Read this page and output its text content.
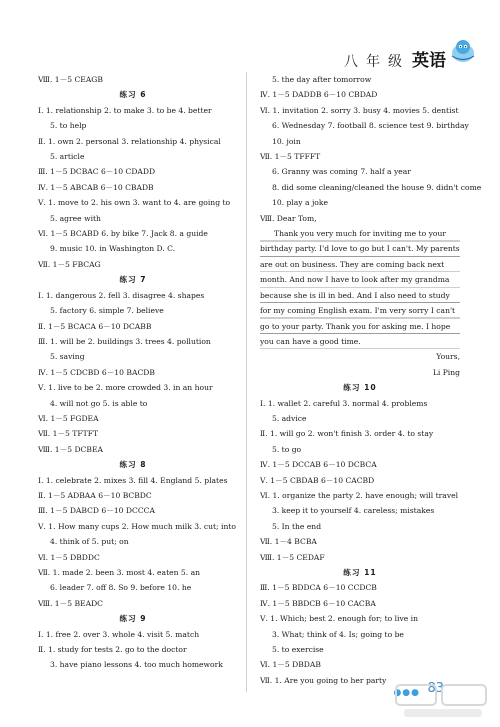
八年级 英语
Ⅷ. 1－5 CEAGB
练习 6
Ⅰ. 1. relationship 2. to make 3. to be 4. better
5. to help
Ⅱ. 1. own 2. personal 3. relationship 4. physical
5. article
Ⅲ. 1－5 DCBAC 6－10 CDADD
Ⅳ. 1－5 ABCAB 6－10 CBADB
Ⅴ. 1. move to 2. his own 3. want to 4. are going to
5. agree with
Ⅵ. 1－5 BCABD 6. by bike 7. Jack 8. a guide
9. music 10. in Washington D. C.
Ⅶ. 1－5 FBCAG
练习 7
Ⅰ. 1. dangerous 2. fell 3. disagree 4. shapes
5. factory 6. simple 7. believe
Ⅱ. 1－5 BCACA 6－10 DCABB
Ⅲ. 1. will be 2. buildings 3. trees 4. pollution
5. saving
Ⅳ. 1－5 CDCBD 6－10 BACDB
Ⅴ. 1. live to be 2. more crowded 3. in an hour
4. will not go 5. is able to
Ⅵ. 1－5 FGDEA
Ⅶ. 1－5 TFTFT
Ⅷ. 1－5 DCBEA
练习 8
Ⅰ. 1. celebrate 2. mixes 3. fill 4. England 5. plates
Ⅱ. 1－5 ADBAA 6－10 BCBDC
Ⅲ. 1－5 DABCD 6－10 DCCCA
Ⅴ. 1. How many cups 2. How much milk 3. cut; into
4. think of 5. put; on
Ⅵ. 1－5 DBDDC
Ⅶ. 1. made 2. been 3. most 4. eaten 5. an
6. leader 7. off 8. So 9. before 10. he
Ⅷ. 1－5 BEADC
练习 9
Ⅰ. 1. free 2. over 3. whole 4. visit 5. match
Ⅱ. 1. study for tests 2. go to the doctor
3. have piano lessons 4. too much homework
5. the day after tomorrow
Ⅳ. 1－5 DADDB 6－10 CBDAD
Ⅵ. 1. invitation 2. sorry 3. busy 4. movies 5. dentist
6. Wednesday 7. football 8. science test 9. birthday
10. join
Ⅶ. 1－5 TFFFT
6. Granny was coming 7. half a year
8. did some cleaning/cleaned the house 9. didn't come
10. play a joke
Ⅷ. Dear Tom,
Thank you very much for inviting me to your birthday party. I'd love to go but I can't. My parents are out on business. They are coming back next month. And now I have to look after my grandma because she is ill in bed. And I also need to study for my coming English exam. I'm very sorry I can't go to your party. Thank you for asking me. I hope you can have a good time.
Yours,
Li Ping
练习 10
Ⅰ. 1. wallet 2. careful 3. normal 4. problems
5. advice
Ⅱ. 1. will go 2. won't finish 3. order 4. to stay
5. to go
Ⅳ. 1－5 DCCAB 6－10 DCBCA
Ⅴ. 1－5 CBDAB 6－10 CACBD
Ⅵ. 1. organize the party 2. have enough; will travel
3. keep it to yourself 4. careless; mistakes
5. In the end
Ⅶ. 1－4 BCBA
Ⅷ. 1－5 CEDAF
练习 11
Ⅲ. 1－5 BDDCA 6－10 CCDCB
Ⅳ. 1－5 BBDCB 6－10 CACBA
Ⅴ. 1. Which; best 2. enough for; to live in
3. What; think of 4. Is; going to be
5. to exercise
Ⅵ. 1－5 DBDAB
Ⅶ. 1. Are you going to her party
●●● 83
